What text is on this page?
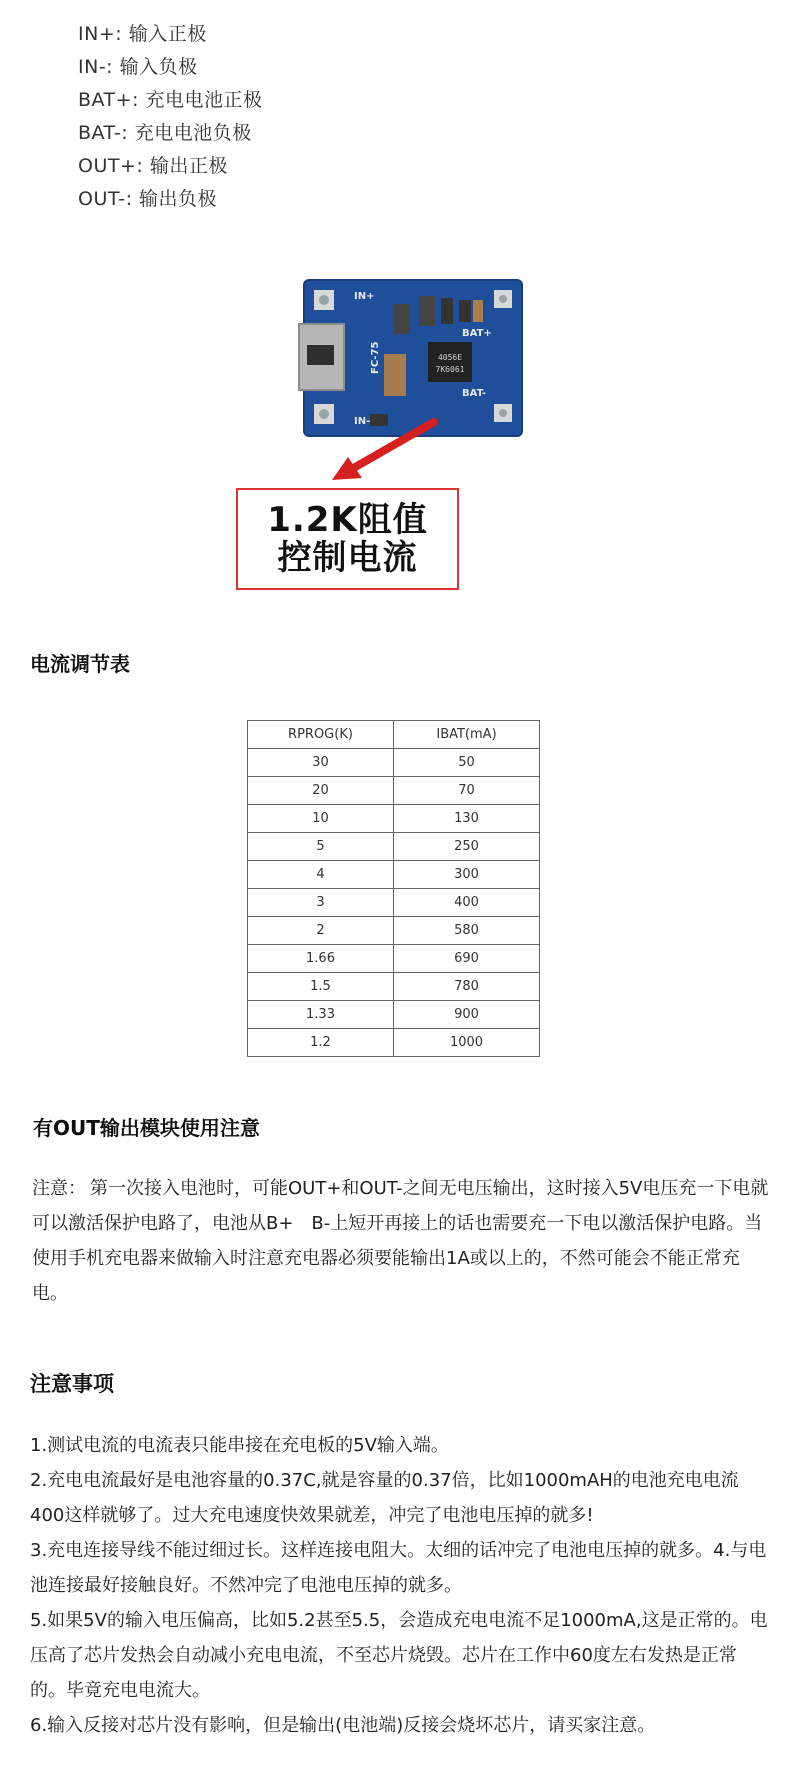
IN+: 输入正极
IN-: 输入负极
BAT+: 充电电池正极
BAT-: 充电电池负极
OUT+: 输出正极
OUT-: 输出负极
4056E
7K6061
IN+
IN-
BAT+
BAT-
FC-75
1.2K阻值
控制电流
电流调节表
RPROG(K)	IBAT(mA)
30	50
20	70
10	130
5	250
4	300
3	400
2	580
1.66	690
1.5	780
1.33	900
1.2	1000
有OUT输出模块使用注意
注意： 第一次接入电池时，可能OUT+和OUT-之间无电压输出，这时接入5V电压充一下电就可以激活保护电路了，电池从B+　B-上短开再接上的话也需要充一下电以激活保护电路。当使用手机充电器来做输入时注意充电器必须要能输出1A或以上的，不然可能会不能正常充电。
注意事项
1.测试电流的电流表只能串接在充电板的5V输入端。
2.充电电流最好是电池容量的0.37C,就是容量的0.37倍，比如1000mAH的电池充电电流400这样就够了。过大充电速度快效果就差，冲完了电池电压掉的就多!
3.充电连接导线不能过细过长。这样连接电阻大。太细的话冲完了电池电压掉的就多。4.与电池连接最好接触良好。不然冲完了电池电压掉的就多。
5.如果5V的输入电压偏高，比如5.2甚至5.5，会造成充电电流不足1000mA,这是正常的。电压高了芯片发热会自动减小充电电流，不至芯片烧毁。芯片在工作中60度左右发热是正常的。毕竟充电电流大。
6.输入反接对芯片没有影响，但是输出(电池端)反接会烧坏芯片，请买家注意。
